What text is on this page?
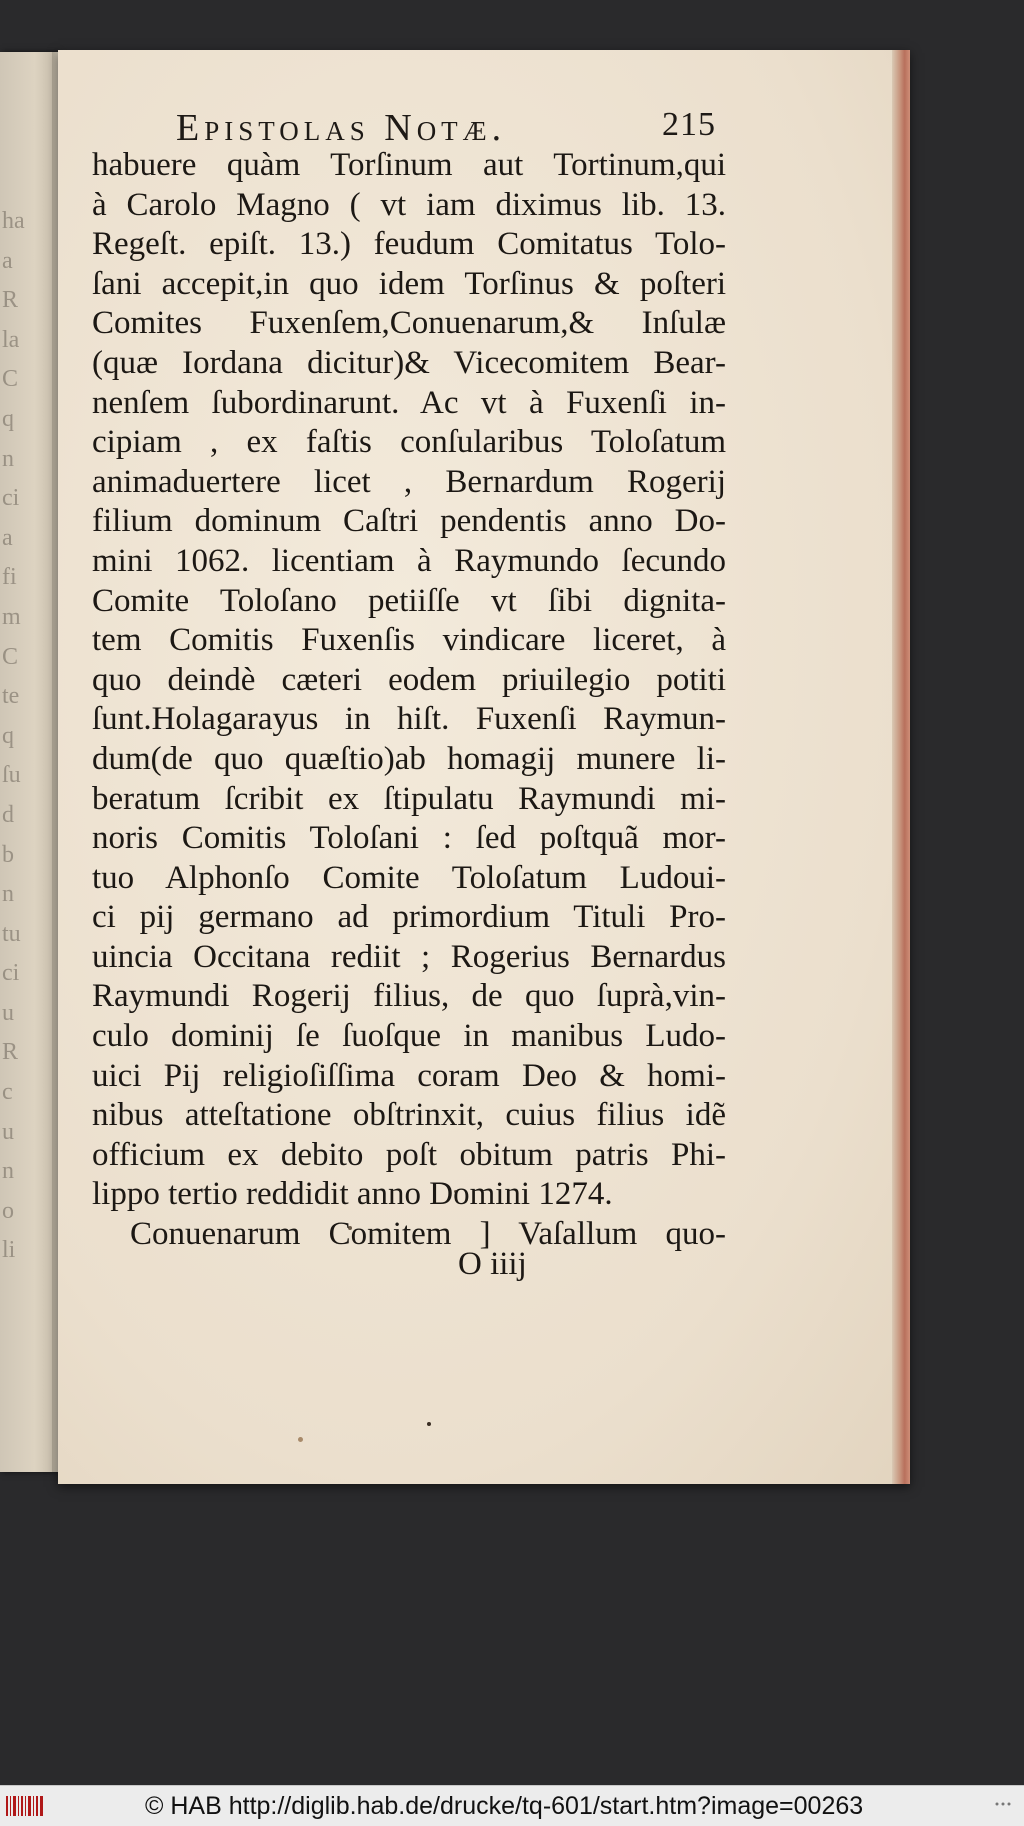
ha
a
R
la
C
q
n
ci
a
fi
m
C
te
q
ſu
d
b
n
tu
ci
u
R
c
u
n
o
li
Epistolas Notæ.	215
habuere quàm Torſinum aut Tortinum,qui
à Carolo Magno ( vt iam diximus lib. 13.
Regeſt. epiſt. 13.) feudum Comitatus Tolo-
ſani accepit,in quo idem Torſinus & poſteri
Comites Fuxenſem,Conuenarum,& Inſulæ
(quæ Iordana dicitur)& Vicecomitem Bear-
nenſem ſubordinarunt. Ac vt à Fuxenſi in-
cipiam , ex faſtis conſularibus Toloſatum
animaduertere licet , Bernardum Rogerij
filium dominum Caſtri pendentis anno Do-
mini 1062. licentiam à Raymundo ſecundo
Comite Toloſano petiiſſe vt ſibi dignita-
tem Comitis Fuxenſis vindicare liceret, à
quo deindè cæteri eodem priuilegio potiti
ſunt.Holagarayus in hiſt. Fuxenſi Raymun-
dum(de quo quæſtio)ab homagij munere li-
beratum ſcribit ex ſtipulatu Raymundi mi-
noris Comitis Toloſani : ſed poſtquã mor-
tuo Alphonſo Comite Toloſatum Ludoui-
ci pij germano ad primordium Tituli Pro-
uincia Occitana rediit ; Rogerius Bernardus
Raymundi Rogerij filius, de quo ſuprà,vin-
culo dominij ſe ſuoſque in manibus Ludo-
uici Pij religioſiſſima coram Deo & homi-
nibus atteſtatione obſtrinxit, cuius filius idẽ
officium ex debito poſt obitum patris Phi-
lippo tertio reddidit anno Domini 1274.
Conuenarum Comitem ] Vaſallum quo-
O iiij
© HAB http://diglib.hab.de/drucke/tq-601/start.htm?image=00263
